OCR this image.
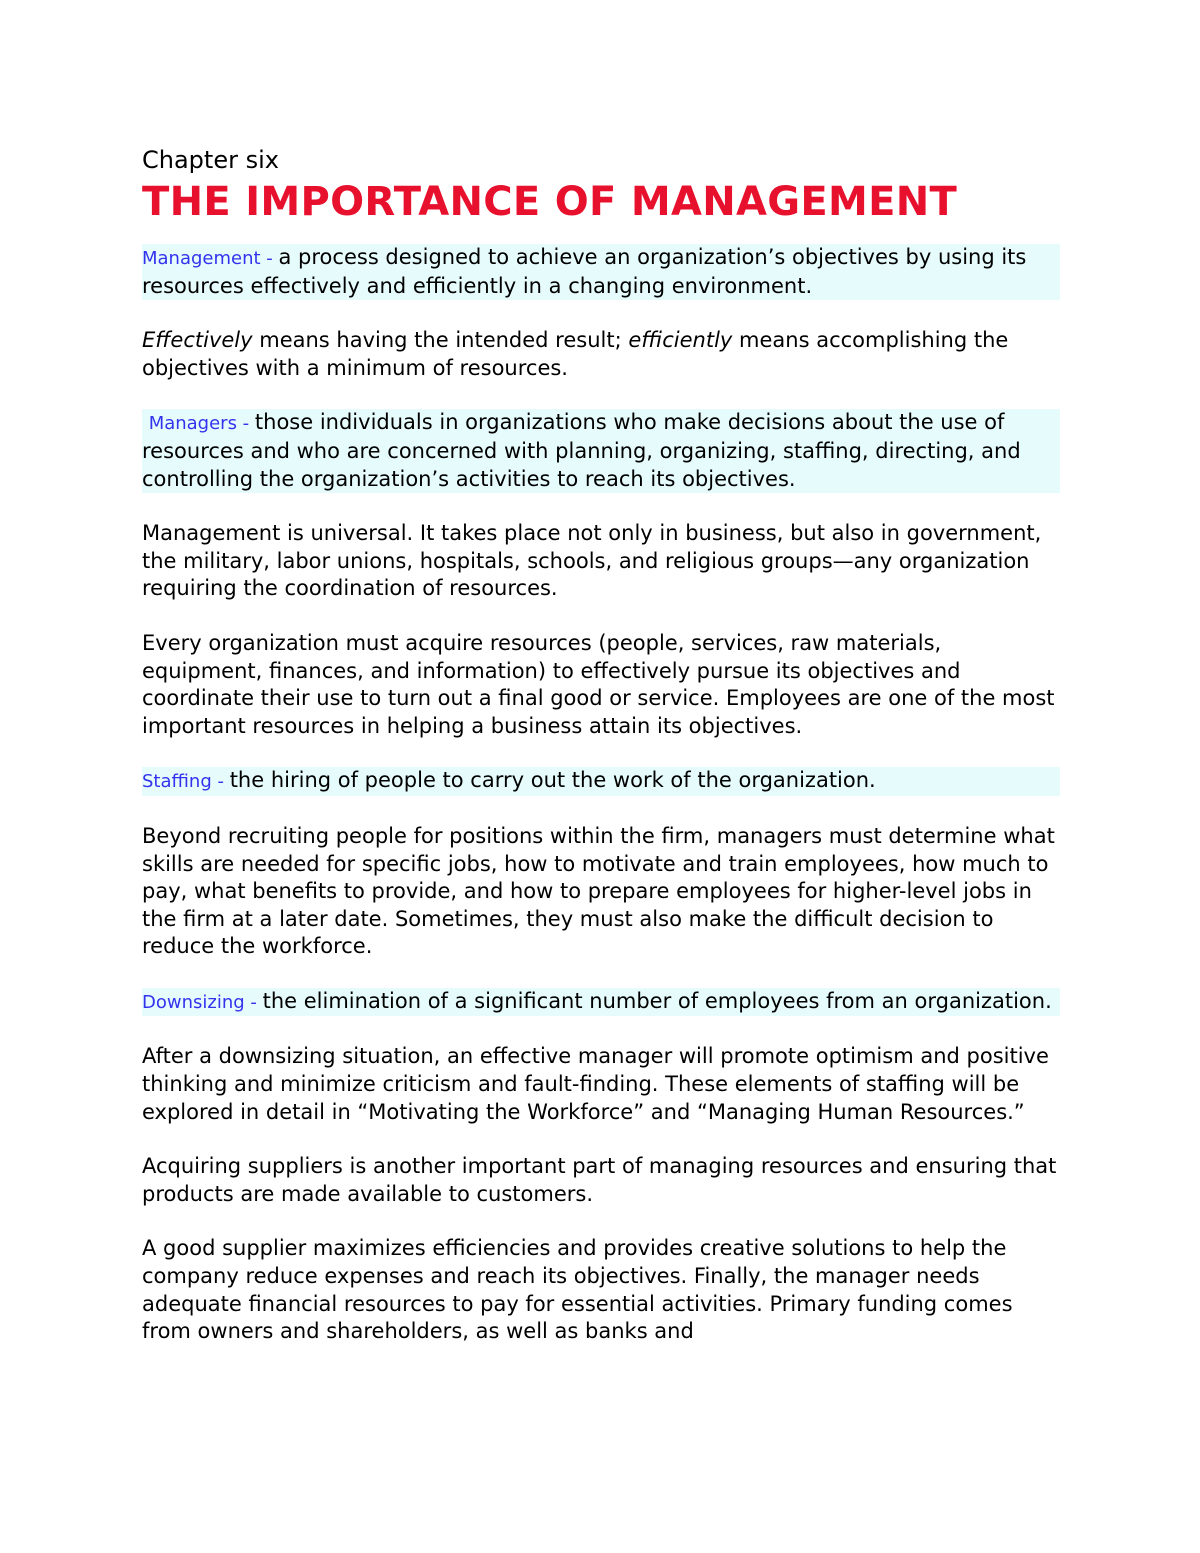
Chapter six
THE IMPORTANCE OF MANAGEMENT

Management - a process designed to achieve an organization’s objectives by using its resources effectively and efficiently in a changing environment.

Effectively means having the intended result; efficiently means accomplishing the objectives with a minimum of resources.

Managers - those individuals in organizations who make decisions about the use of resources and who are concerned with planning, organizing, staffing, directing, and controlling the organization’s activities to reach its objectives.

Management is universal. It takes place not only in business, but also in government, the military, labor unions, hospitals, schools, and religious groups—any organization requiring the coordination of resources.

Every organization must acquire resources (people, services, raw materials, equipment, finances, and information) to effectively pursue its objectives and coordinate their use to turn out a final good or service. Employees are one of the most important resources in helping a business attain its objectives.

Staffing - the hiring of people to carry out the work of the organization.

Beyond recruiting people for positions within the firm, managers must determine what skills are needed for specific jobs, how to motivate and train employees, how much to pay, what benefits to provide, and how to prepare employees for higher-level jobs in the firm at a later date. Sometimes, they must also make the difficult decision to reduce the workforce.

Downsizing - the elimination of a significant number of employees from an organization.

After a downsizing situation, an effective manager will promote optimism and positive thinking and minimize criticism and fault-finding. These elements of staffing will be explored in detail in “Motivating the Workforce” and “Managing Human Resources.”

Acquiring suppliers is another important part of managing resources and ensuring that products are made available to customers.

A good supplier maximizes efficiencies and provides creative solutions to help the company reduce expenses and reach its objectives. Finally, the manager needs adequate financial resources to pay for essential activities. Primary funding comes from owners and shareholders, as well as banks and
